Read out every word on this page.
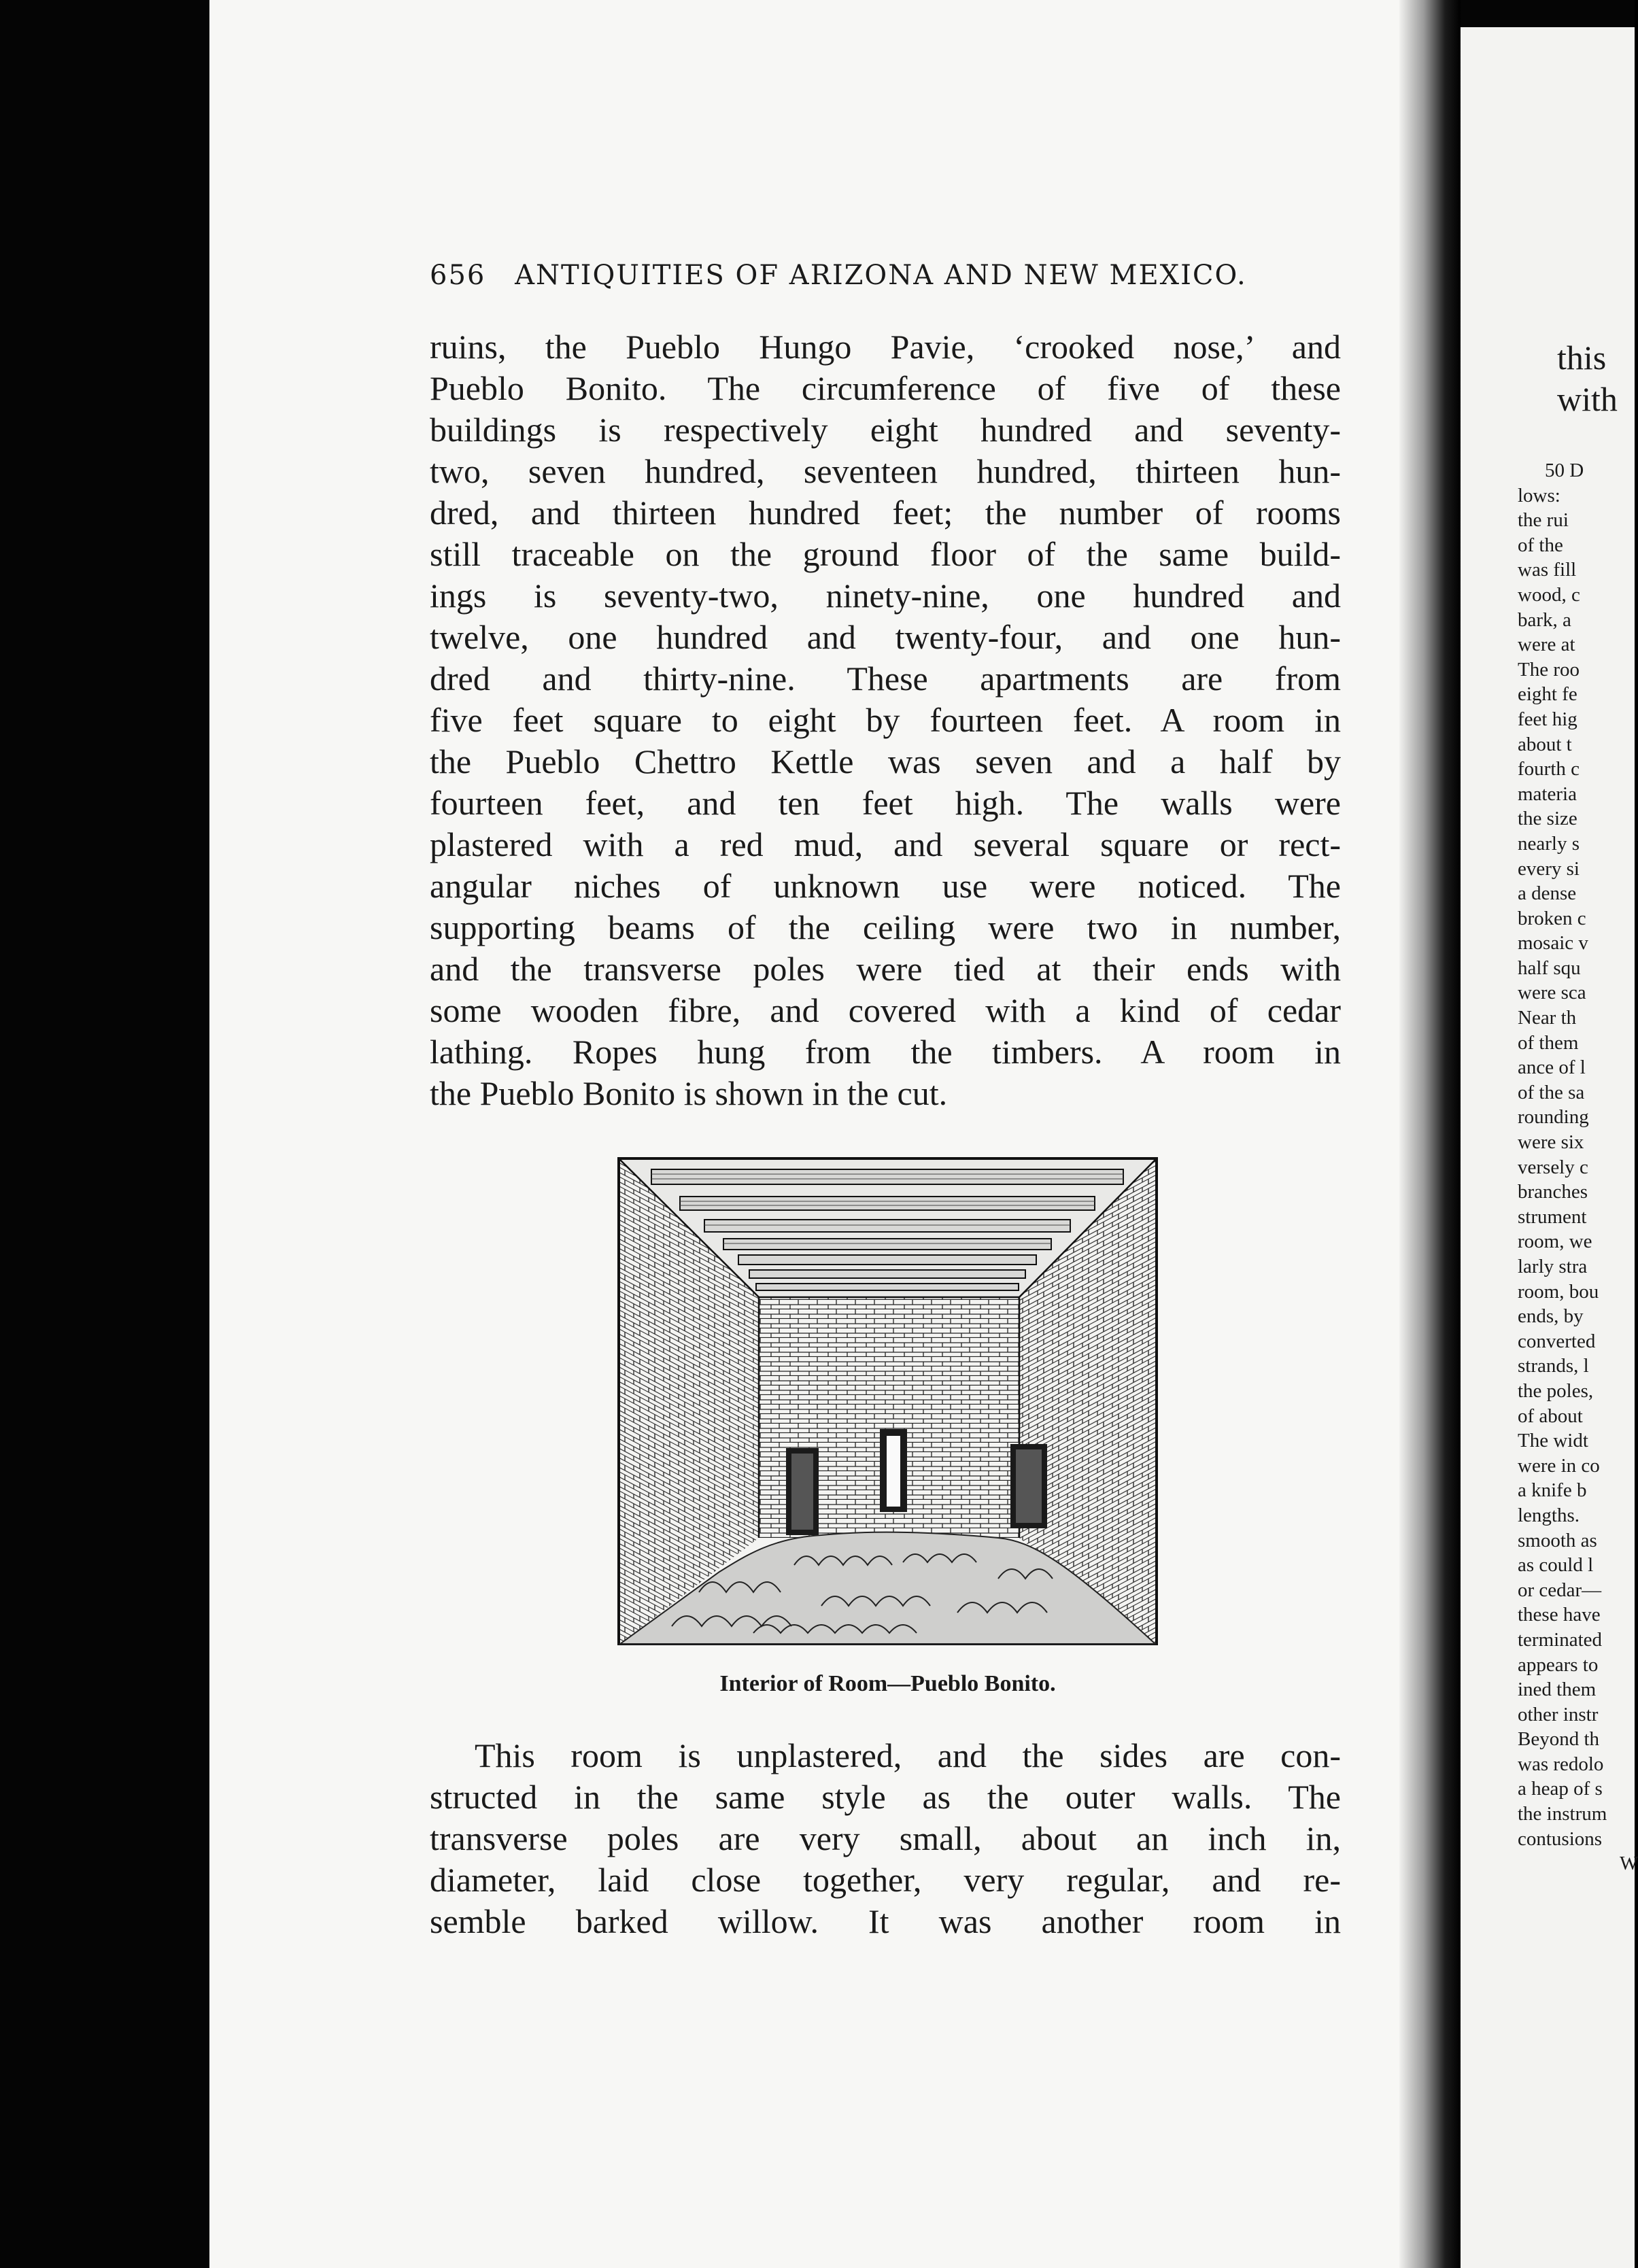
656 ANTIQUITIES OF ARIZONA AND NEW MEXICO.
ruins, the Pueblo Hungo Pavie, ‘crooked nose,’ and
Pueblo Bonito. The circumference of five of these
buildings is respectively eight hundred and seventy-
two, seven hundred, seventeen hundred, thirteen hun-
dred, and thirteen hundred feet; the number of rooms
still traceable on the ground floor of the same build-
ings is seventy-two, ninety-nine, one hundred and
twelve, one hundred and twenty-four, and one hun-
dred and thirty-nine. These apartments are from
five feet square to eight by fourteen feet. A room in
the Pueblo Chettro Kettle was seven and a half by
fourteen feet, and ten feet high. The walls were
plastered with a red mud, and several square or rect-
angular niches of unknown use were noticed. The
supporting beams of the ceiling were two in number,
and the transverse poles were tied at their ends with
some wooden fibre, and covered with a kind of cedar
lathing. Ropes hung from the timbers. A room in
the Pueblo Bonito is shown in the cut.
Interior of Room—Pueblo Bonito.
This room is unplastered, and the sides are con-
structed in the same style as the outer walls. The
transverse poles are very small, about an inch in,
diameter, laid close together, very regular, and re-
semble barked willow. It was another room in
this
with
50 D
lows:
the rui
of the
was fill
wood, c
bark, a
were at
The roo
eight fe
feet hig
about t
fourth c
materia
the size
nearly s
every si
a dense
broken c
mosaic v
half squ
were sca
Near th
of them
ance of l
of the sa
rounding
were six
versely c
branches
strument
room, we
larly stra
room, bou
ends, by
converted
strands, l
the poles,
of about
The widt
were in co
a knife b
lengths.
smooth as
as could l
or cedar—
these have
terminated
appears to
ined them
other instr
Beyond th
was redolo
a heap of s
the instrum
contusions
W
